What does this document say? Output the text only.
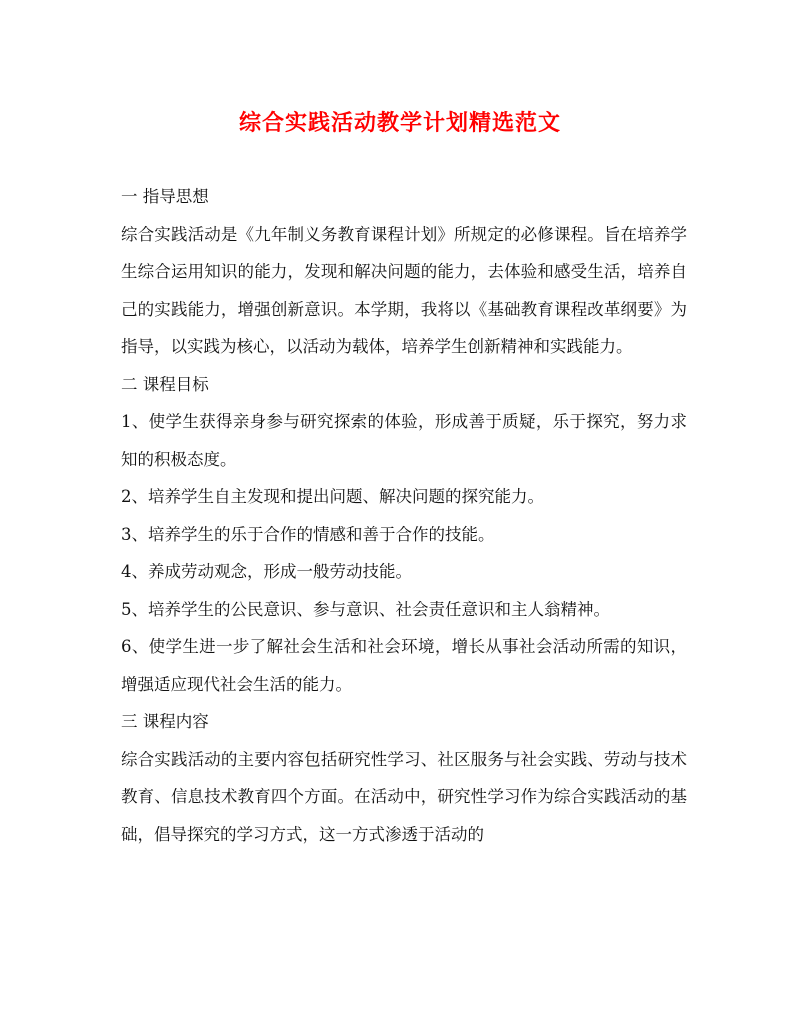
综合实践活动教学计划精选范文

一 指导思想

综合实践活动是《九年制义务教育课程计划》所规定的必修课程。旨在培养学生综合运用知识的能力，发现和解决问题的能力，去体验和感受生活，培养自己的实践能力，增强创新意识。本学期，我将以《基础教育课程改革纲要》为指导，以实践为核心，以活动为载体，培养学生创新精神和实践能力。

二 课程目标

1、使学生获得亲身参与研究探索的体验，形成善于质疑，乐于探究，努力求知的积极态度。

2、培养学生自主发现和提出问题、解决问题的探究能力。

3、培养学生的乐于合作的情感和善于合作的技能。

4、养成劳动观念，形成一般劳动技能。

5、培养学生的公民意识、参与意识、社会责任意识和主人翁精神。

6、使学生进一步了解社会生活和社会环境，增长从事社会活动所需的知识，增强适应现代社会生活的能力。

三 课程内容

综合实践活动的主要内容包括研究性学习、社区服务与社会实践、劳动与技术教育、信息技术教育四个方面。在活动中，研究性学习作为综合实践活动的基础，倡导探究的学习方式，这一方式渗透于活动的
